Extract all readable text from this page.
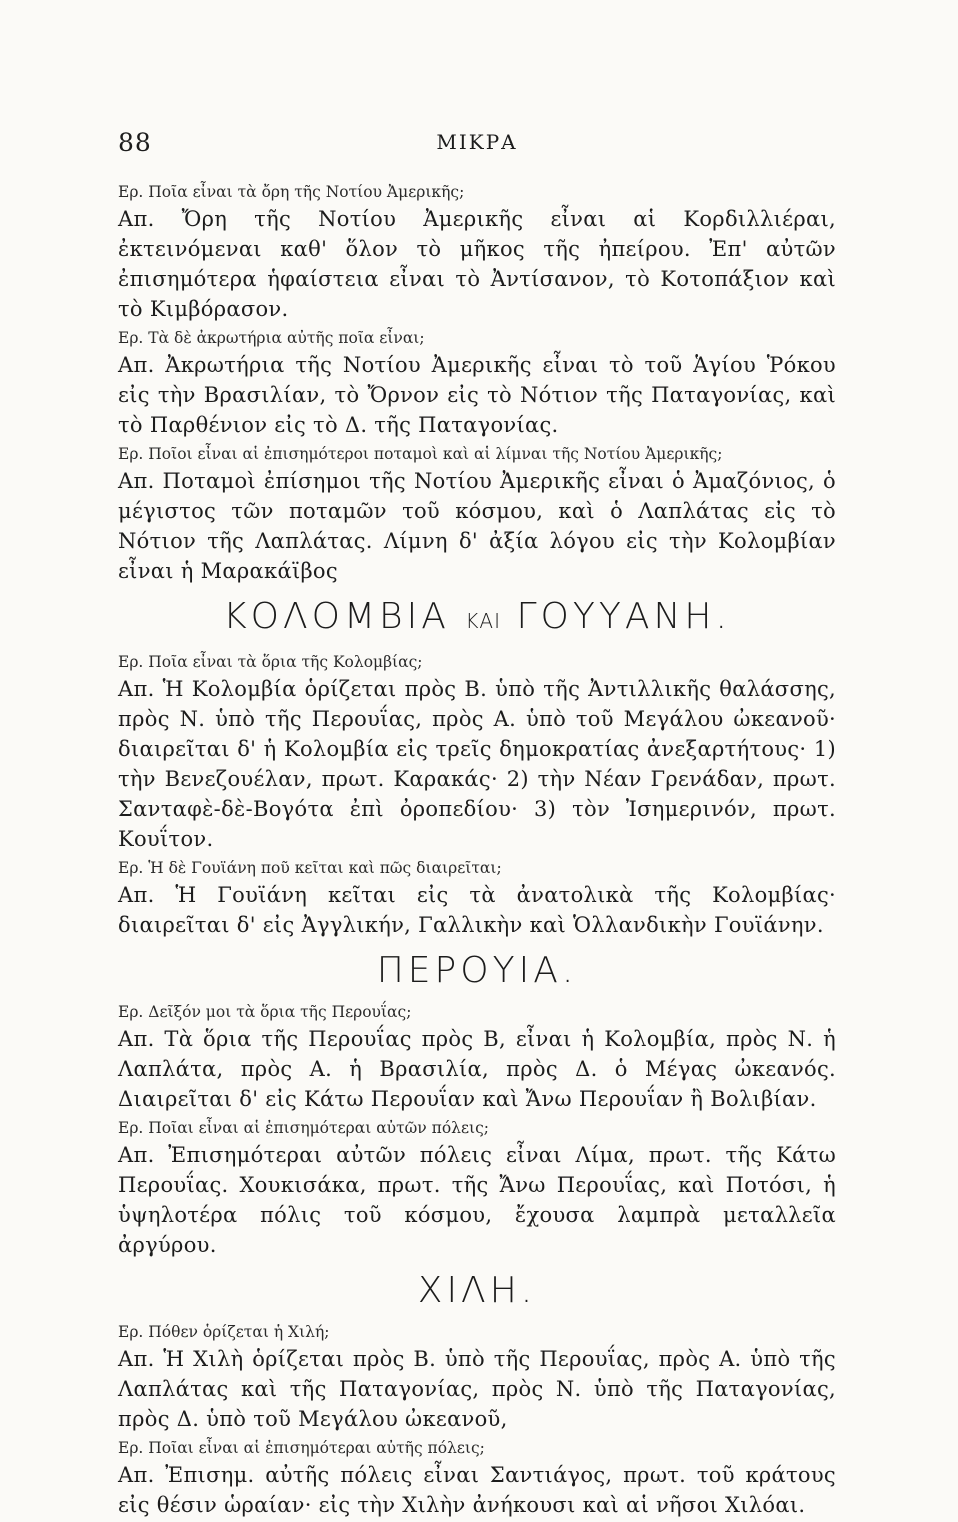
88	ΜΙΚΡΑ

Ερ. Ποῖα εἶναι τὰ ὄρη τῆς Νοτίου Ἀμερικῆς;

Απ. Ὄρη τῆς Νοτίου Ἀμερικῆς εἶναι αἱ Κορδιλλιέραι, ἐκτεινόμεναι καθ' ὅλον τὸ μῆκος τῆς ἠπείρου. Ἐπ' αὐτῶν ἐπισημότερα ἡφαίστεια εἶναι τὸ Ἀντίσανον, τὸ Κοτοπάξιον καὶ τὸ Κιμβόρασον.

Ερ. Τὰ δὲ ἀκρωτήρια αὐτῆς ποῖα εἶναι;

Απ. Ἀκρωτήρια τῆς Νοτίου Ἀμερικῆς εἶναι τὸ τοῦ Ἁγίου Ῥόκου εἰς τὴν Βρασιλίαν, τὸ Ὄρνον εἰς τὸ Νότιον τῆς Παταγονίας, καὶ τὸ Παρθένιον εἰς τὸ Δ. τῆς Παταγονίας.

Ερ. Ποῖοι εἶναι αἱ ἐπισημότεροι ποταμοὶ καὶ αἱ λίμναι τῆς Νοτίου Ἀμερικῆς;

Απ. Ποταμοὶ ἐπίσημοι τῆς Νοτίου Ἀμερικῆς εἶναι ὁ Ἀμαζόνιος, ὁ μέγιστος τῶν ποταμῶν τοῦ κόσμου, καὶ ὁ Λαπλάτας εἰς τὸ Νότιον τῆς Λαπλάτας. Λίμνη δ' ἀξία λόγου εἰς τὴν Κολομβίαν εἶναι ἡ Μαρακάϊβος

ΚΟΛΟΜΒΙΑ ΚΑΙ ΓΟΥΥΑΝΗ.

Ερ. Ποῖα εἶναι τὰ ὅρια τῆς Κολομβίας;

Απ. Ἡ Κολομβία ὁρίζεται πρὸς Β. ὑπὸ τῆς Ἀντιλλικῆς θαλάσσης, πρὸς Ν. ὑπὸ τῆς Περουΐας, πρὸς Α. ὑπὸ τοῦ Μεγάλου ὠκεανοῦ· διαιρεῖται δ' ἡ Κολομβία εἰς τρεῖς δημοκρατίας ἀνεξαρτήτους· 1) τὴν Βενεζουέλαν, πρωτ. Καρακάς· 2) τὴν Νέαν Γρενάδαν, πρωτ. Σανταφὲ-δὲ-Βογότα ἐπὶ ὀροπεδίου· 3) τὸν Ἰσημερινόν, πρωτ. Κουΐτον.

Ερ. Ἡ δὲ Γουϊάνη ποῦ κεῖται καὶ πῶς διαιρεῖται;

Απ. Ἡ Γουϊάνη κεῖται εἰς τὰ ἀνατολικὰ τῆς Κολομβίας· διαιρεῖται δ' εἰς Ἀγγλικήν, Γαλλικὴν καὶ Ὁλλανδικὴν Γουϊάνην.

ΠΕΡΟΥΙΑ.

Ερ. Δεῖξόν μοι τὰ ὅρια τῆς Περουΐας;

Απ. Τὰ ὅρια τῆς Περουΐας πρὸς Β, εἶναι ἡ Κολομβία, πρὸς Ν. ἡ Λαπλάτα, πρὸς Α. ἡ Βρασιλία, πρὸς Δ. ὁ Μέγας ὠκεανός. Διαιρεῖται δ' εἰς Κάτω Περουΐαν καὶ Ἄνω Περουΐαν ἢ Βολιβίαν.

Ερ. Ποῖαι εἶναι αἱ ἐπισημότεραι αὐτῶν πόλεις;

Απ. Ἐπισημότεραι αὐτῶν πόλεις εἶναι Λίμα, πρωτ. τῆς Κάτω Περουΐας. Χουκισάκα, πρωτ. τῆς Ἄνω Περουΐας, καὶ Ποτόσι, ἡ ὑψηλοτέρα πόλις τοῦ κόσμου, ἔχουσα λαμπρὰ μεταλλεῖα ἀργύρου.

ΧΙΛΗ.

Ερ. Πόθεν ὁρίζεται ἡ Χιλή;

Απ. Ἡ Χιλὴ ὁρίζεται πρὸς Β. ὑπὸ τῆς Περουΐας, πρὸς Α. ὑπὸ τῆς Λαπλάτας καὶ τῆς Παταγονίας, πρὸς Ν. ὑπὸ τῆς Παταγονίας, πρὸς Δ. ὑπὸ τοῦ Μεγάλου ὠκεανοῦ,

Ερ. Ποῖαι εἶναι αἱ ἐπισημότεραι αὐτῆς πόλεις;

Απ. Ἐπισημ. αὐτῆς πόλεις εἶναι Σαντιάγος, πρωτ. τοῦ κράτους εἰς θέσιν ὡραίαν· εἰς τὴν Χιλὴν ἀνήκουσι καὶ αἱ νῆσοι Χιλόαι.
